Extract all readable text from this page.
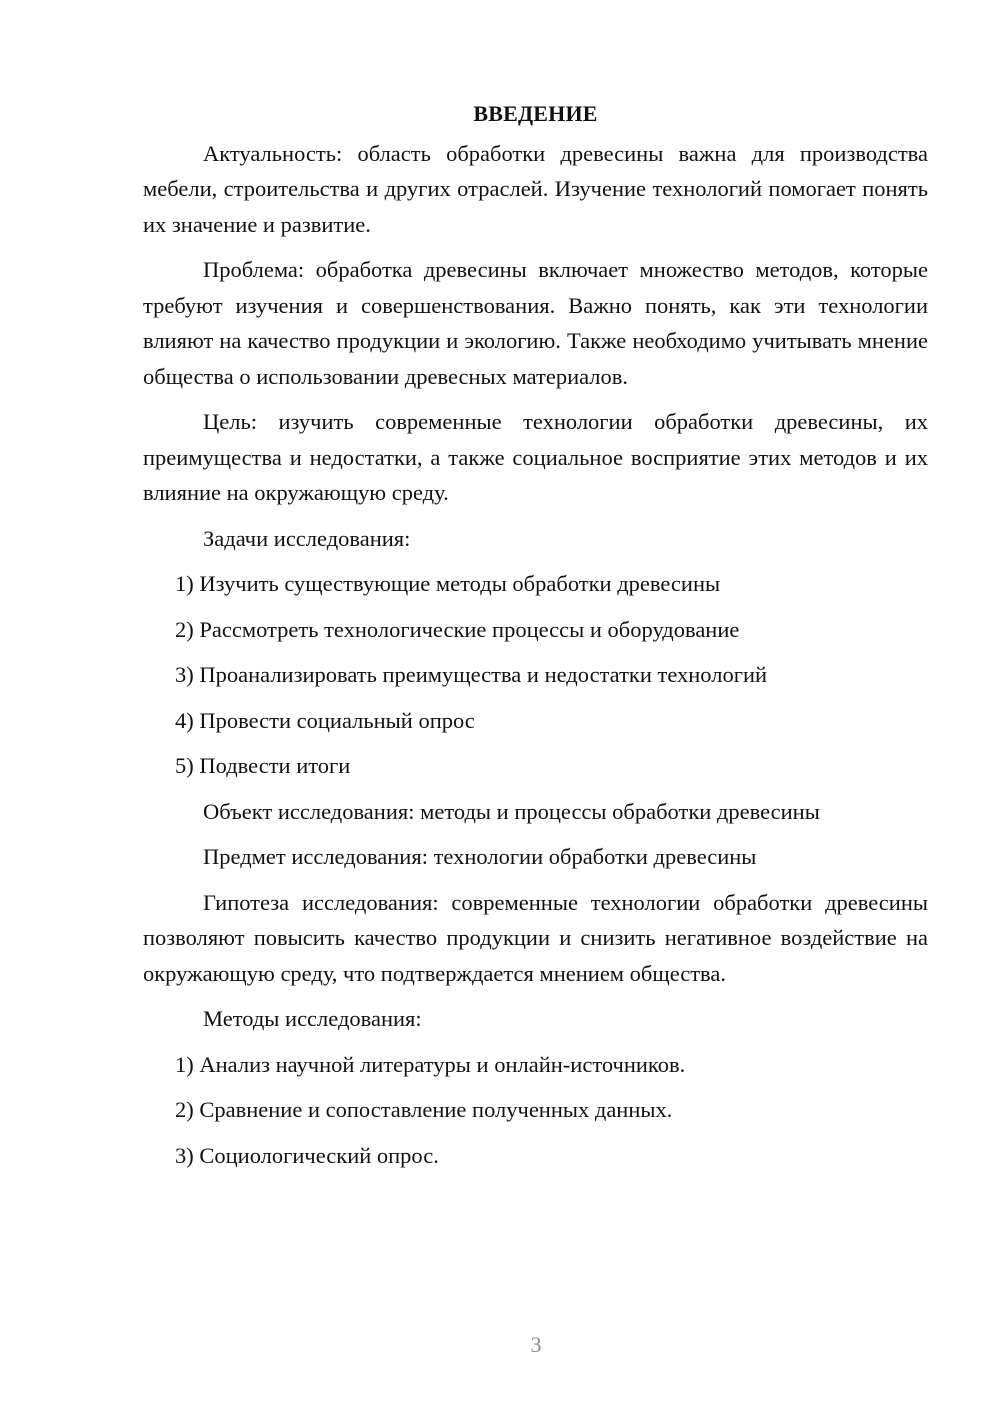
ВВЕДЕНИЕ

Актуальность: область обработки древесины важна для производства мебели, строительства и других отраслей. Изучение технологий помогает понять их значение и развитие.

Проблема: обработка древесины включает множество методов, которые требуют изучения и совершенствования. Важно понять, как эти технологии влияют на качество продукции и экологию. Также необходимо учитывать мнение общества о использовании древесных материалов.

Цель: изучить современные технологии обработки древесины, их преимущества и недостатки, а также социальное восприятие этих методов и их влияние на окружающую среду.

Задачи исследования:
1) Изучить существующие методы обработки древесины
2) Рассмотреть технологические процессы и оборудование
3) Проанализировать преимущества и недостатки технологий
4) Провести социальный опрос
5) Подвести итоги
Объект исследования: методы и процессы обработки древесины
Предмет исследования: технологии обработки древесины

Гипотеза исследования: современные технологии обработки древесины позволяют повысить качество продукции и снизить негативное воздействие на окружающую среду, что подтверждается мнением общества.

Методы исследования:
1) Анализ научной литературы и онлайн-источников.
2) Сравнение и сопоставление полученных данных.
3) Социологический опрос.
3
